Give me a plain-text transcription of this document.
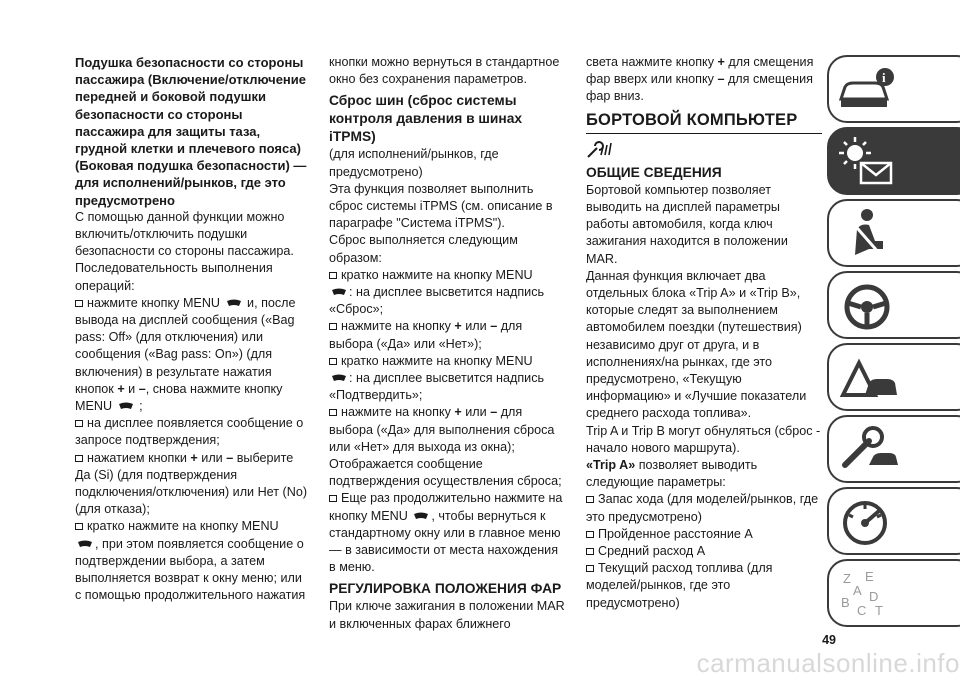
Подушка безопасности со стороны пассажира (Включение/отключение передней и боковой подушки безопасности со стороны пассажира для защиты таза, грудной клетки и плечевого пояса) (Боковая подушка безопасности) — для исполнений/рынков, где это предусмотрено
С помощью данной функции можно включить/отключить подушки безопасности со стороны пассажира. Последовательность выполнения операций:
нажмите кнопку MENU и, после вывода на дисплей сообщения («Bag pass: Off» (для отключения) или сообщения («Bag pass: On») (для включения) в результате нажатия кнопок + и –, снова нажмите кнопку MENU ;
на дисплее появляется сообщение о запросе подтверждения;
нажатием кнопки + или – выберите Да (Si) (для подтверждения подключения/отключения) или Нет (No) (для отказа);
кратко нажмите на кнопку MENU
, при этом появляется сообщение о подтверждении выбора, а затем выполняется возврат к окну меню; или с помощью продолжительного нажатия
кнопки можно вернуться в стандартное окно без сохранения параметров.
Сброс шин (сброс системы контроля давления в шинах iTPMS)
(для исполнений/рынков, где предусмотрено)
Эта функция позволяет выполнить сброс системы iTPMS (см. описание в параграфе "Система iTPMS").
Сброс выполняется следующим образом:
кратко нажмите на кнопку MENU
: на дисплее высветится надпись «Сброс»;
нажмите на кнопку + или – для выбора («Да» или «Нет»);
кратко нажмите на кнопку MENU
: на дисплее высветится надпись «Подтвердить»;
нажмите на кнопку + или – для выбора («Да» для выполнения сброса или «Нет» для выхода из окна); Отображается сообщение подтверждения осуществления сброса;
Еще раз продолжительно нажмите на кнопку MENU , чтобы вернуться к стандартному окну или в главное меню — в зависимости от места нахождения в меню.
РЕГУЛИРОВКА ПОЛОЖЕНИЯ ФАР
При ключе зажигания в положении MAR и включенных фарах ближнего
света нажмите кнопку + для смещения фар вверх или кнопку – для смещения фар вниз.
БОРТОВОЙ КОМПЬЮТЕР
ОБЩИЕ СВЕДЕНИЯ
Бортовой компьютер позволяет выводить на дисплей параметры работы автомобиля, когда ключ зажигания находится в положении MAR.
Данная функция включает два отдельных блока «Trip A» и «Trip B», которые следят за выполнением автомобилем поездки (путешествия) независимо друг от друга, и в исполнениях/на рынках, где это предусмотрено, «Текущую информацию» и «Лучшие показатели среднего расхода топлива».
Trip A и Trip B могут обнуляться (сброс - начало нового маршрута).
«Trip A» позволяет выводить следующие параметры:
Запас хода (для моделей/рынков, где это предусмотрено)
Пройденное расстояние А
Средний расход А
Текущий расход топлива (для моделей/рынков, где это предусмотрено)
i
Z E
A
B D
C T
49
carmanualsonline.info
